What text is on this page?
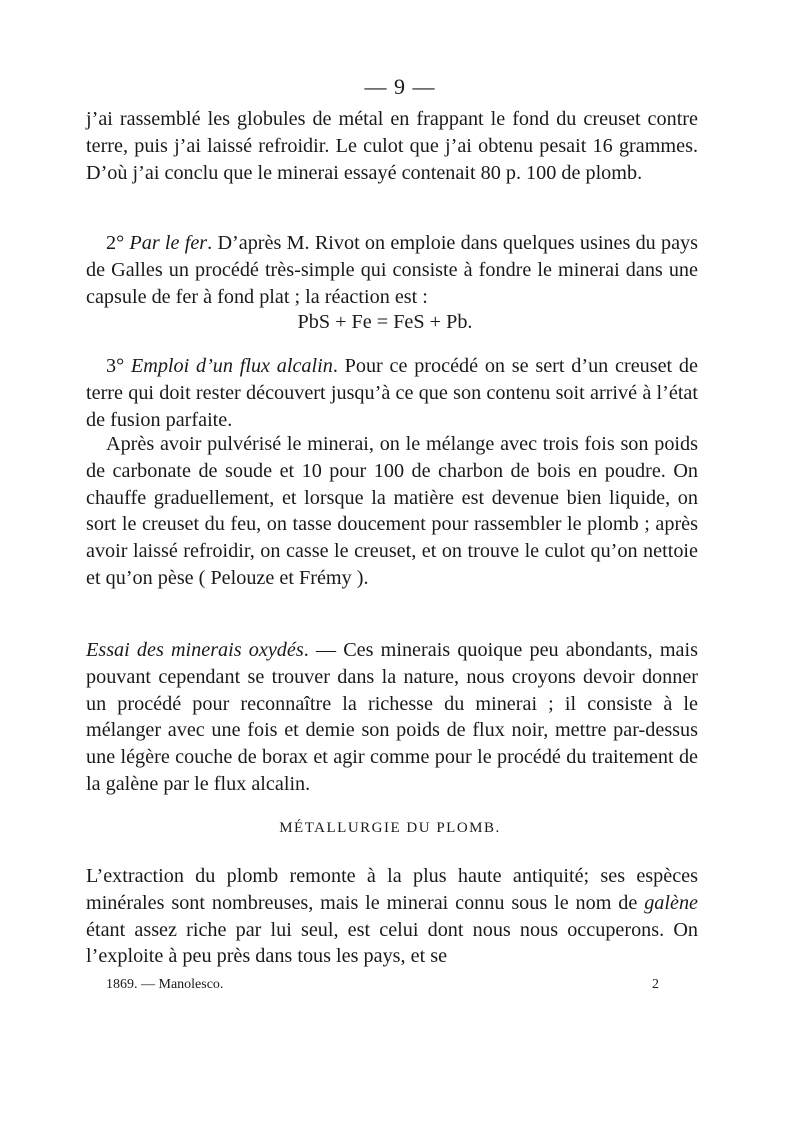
— 9 —

j’ai rassemblé les globules de métal en frappant le fond du creuset contre terre, puis j’ai laissé refroidir. Le culot que j’ai obtenu pesait 16 grammes. D’où j’ai conclu que le minerai essayé contenait 80 p. 100 de plomb.

2° Par le fer. D’après M. Rivot on emploie dans quelques usines du pays de Galles un procédé très-simple qui consiste à fondre le minerai dans une capsule de fer à fond plat ; la réaction est :

PbS + Fe = FeS + Pb.

3° Emploi d’un flux alcalin. Pour ce procédé on se sert d’un creuset de terre qui doit rester découvert jusqu’à ce que son contenu soit arrivé à l’état de fusion parfaite.

Après avoir pulvérisé le minerai, on le mélange avec trois fois son poids de carbonate de soude et 10 pour 100 de charbon de bois en poudre. On chauffe graduellement, et lorsque la matière est devenue bien liquide, on sort le creuset du feu, on tasse doucement pour rassembler le plomb ; après avoir laissé refroidir, on casse le creuset, et on trouve le culot qu’on nettoie et qu’on pèse ( Pelouze et Frémy ).

Essai des minerais oxydés. — Ces minerais quoique peu abondants, mais pouvant cependant se trouver dans la nature, nous croyons devoir donner un procédé pour reconnaître la richesse du minerai ; il consiste à le mélanger avec une fois et demie son poids de flux noir, mettre par-dessus une légère couche de borax et agir comme pour le procédé du traitement de la galène par le flux alcalin.

MÉTALLURGIE DU PLOMB.

L’extraction du plomb remonte à la plus haute antiquité; ses espèces minérales sont nombreuses, mais le minerai connu sous le nom de galène étant assez riche par lui seul, est celui dont nous nous occuperons. On l’exploite à peu près dans tous les pays, et se

1869. — Manolesco.	2
